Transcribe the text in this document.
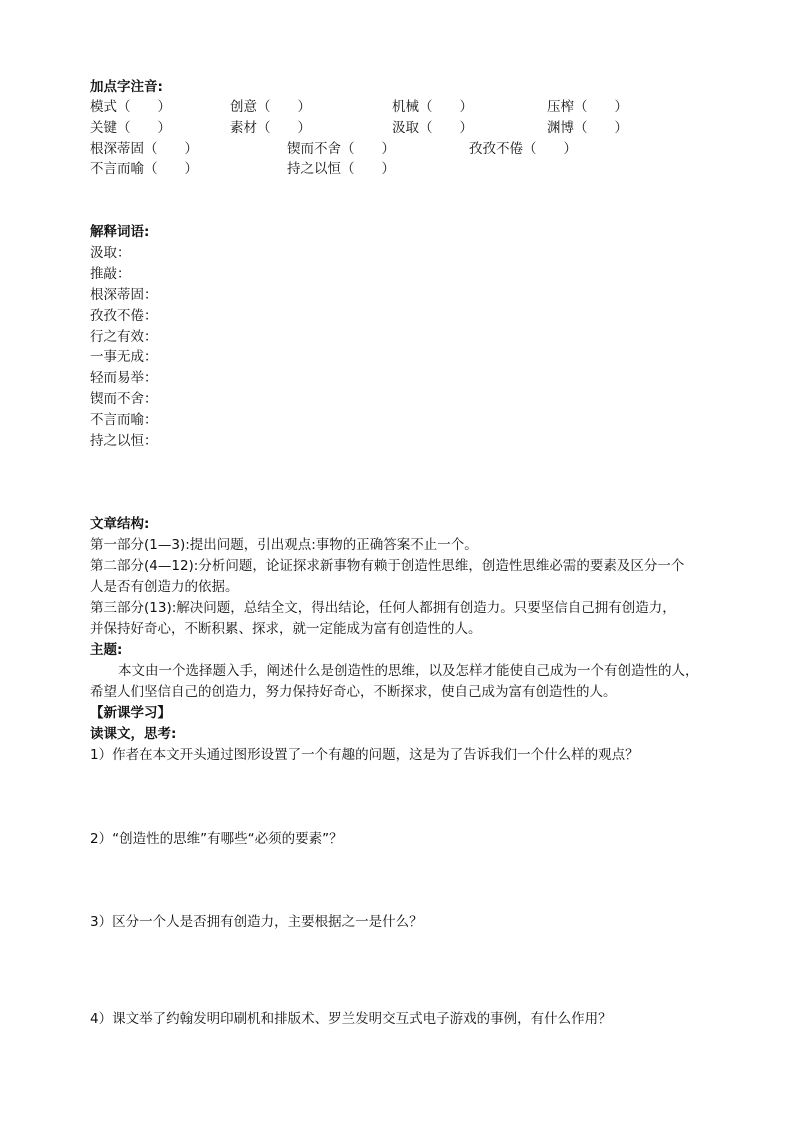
加点字注音:
模式（　　）	创意（　　）	机械（　　）	压榨（　　）
关键（　　）	素材（　　）	汲取（　　）	渊博（　　）
根深蒂固（　　）	锲而不舍（　　）	孜孜不倦（　　）
不言而喻（　　）	持之以恒（　　）
解释词语:
汲取：
推敲：
根深蒂固：
孜孜不倦：
行之有效：
一事无成：
轻而易举：
锲而不舍：
不言而喻：
持之以恒：
文章结构:
第一部分(1—3):提出问题，引出观点:事物的正确答案不止一个。
第二部分(4—12):分析问题，论证探求新事物有赖于创造性思维，创造性思维必需的要素及区分一个
人是否有创造力的依据。
第三部分(13):解决问题，总结全文，得出结论，任何人都拥有创造力。只要坚信自己拥有创造力，
并保持好奇心，不断积累、探求，就一定能成为富有创造性的人。
主题:
本文由一个选择题入手，阐述什么是创造性的思维，以及怎样才能使自己成为一个有创造性的人，
希望人们坚信自己的创造力，努力保持好奇心，不断探求，使自己成为富有创造性的人。
【新课学习】
读课文，思考:
1）作者在本文开头通过图形设置了一个有趣的问题，这是为了告诉我们一个什么样的观点？
2）“创造性的思维”有哪些“必须的要素”？
3）区分一个人是否拥有创造力，主要根据之一是什么？
4）课文举了约翰发明印刷机和排版术、罗兰发明交互式电子游戏的事例，有什么作用？
